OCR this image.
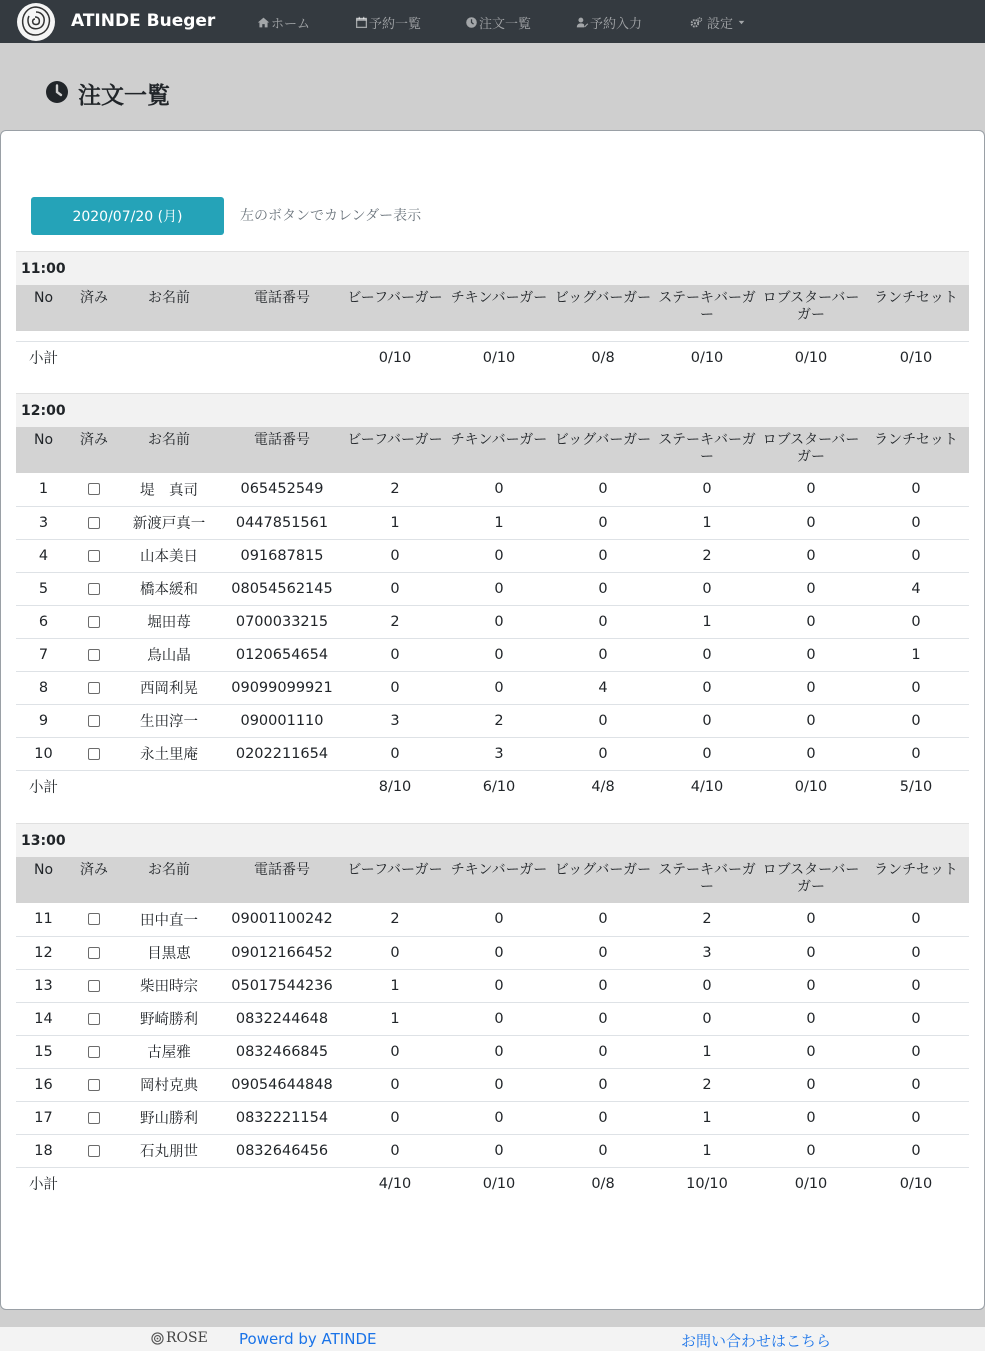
ATINDE Bueger	ホーム	予約一覧	注文一覧	予約入力	設定
注文一覧
2020/07/20 (月)	左のボタンでカレンダー表示
11:00
No	済み	お名前	電話番号	ビーフバーガー	チキンバーガー	ビッグバーガー	ステーキバーガー	ロブスターバーガー	ランチセット

小計				0/10	0/10	0/8	0/10	0/10	0/10
12:00
No	済み	お名前	電話番号	ビーフバーガー	チキンバーガー	ビッグバーガー	ステーキバーガー	ロブスターバーガー	ランチセット
1		堤　真司	065452549	2	0	0	0	0	0
3		新渡戸真一	0447851561	1	1	0	1	0	0
4		山本美日	091687815	0	0	0	2	0	0
5		橋本緩和	08054562145	0	0	0	0	0	4
6		堀田苺	0700033215	2	0	0	1	0	0
7		鳥山晶	0120654654	0	0	0	0	0	1
8		西岡利晃	09099099921	0	0	4	0	0	0
9		生田淳一	090001110	3	2	0	0	0	0
10		永土里庵	0202211654	0	3	0	0	0	0
小計				8/10	6/10	4/8	4/10	0/10	5/10
13:00
No	済み	お名前	電話番号	ビーフバーガー	チキンバーガー	ビッグバーガー	ステーキバーガー	ロブスターバーガー	ランチセット
11		田中直一	09001100242	2	0	0	2	0	0
12		目黒恵	09012166452	0	0	0	3	0	0
13		柴田時宗	05017544236	1	0	0	0	0	0
14		野崎勝利	0832244648	1	0	0	0	0	0
15		古屋雅	0832466845	0	0	0	1	0	0
16		岡村克典	09054644848	0	0	0	2	0	0
17		野山勝利	0832221154	0	0	0	1	0	0
18		石丸朋世	0832646456	0	0	0	1	0	0
小計				4/10	0/10	0/8	10/10	0/10	0/10
ROSE Powerd by ATINDE	お問い合わせはこちら
